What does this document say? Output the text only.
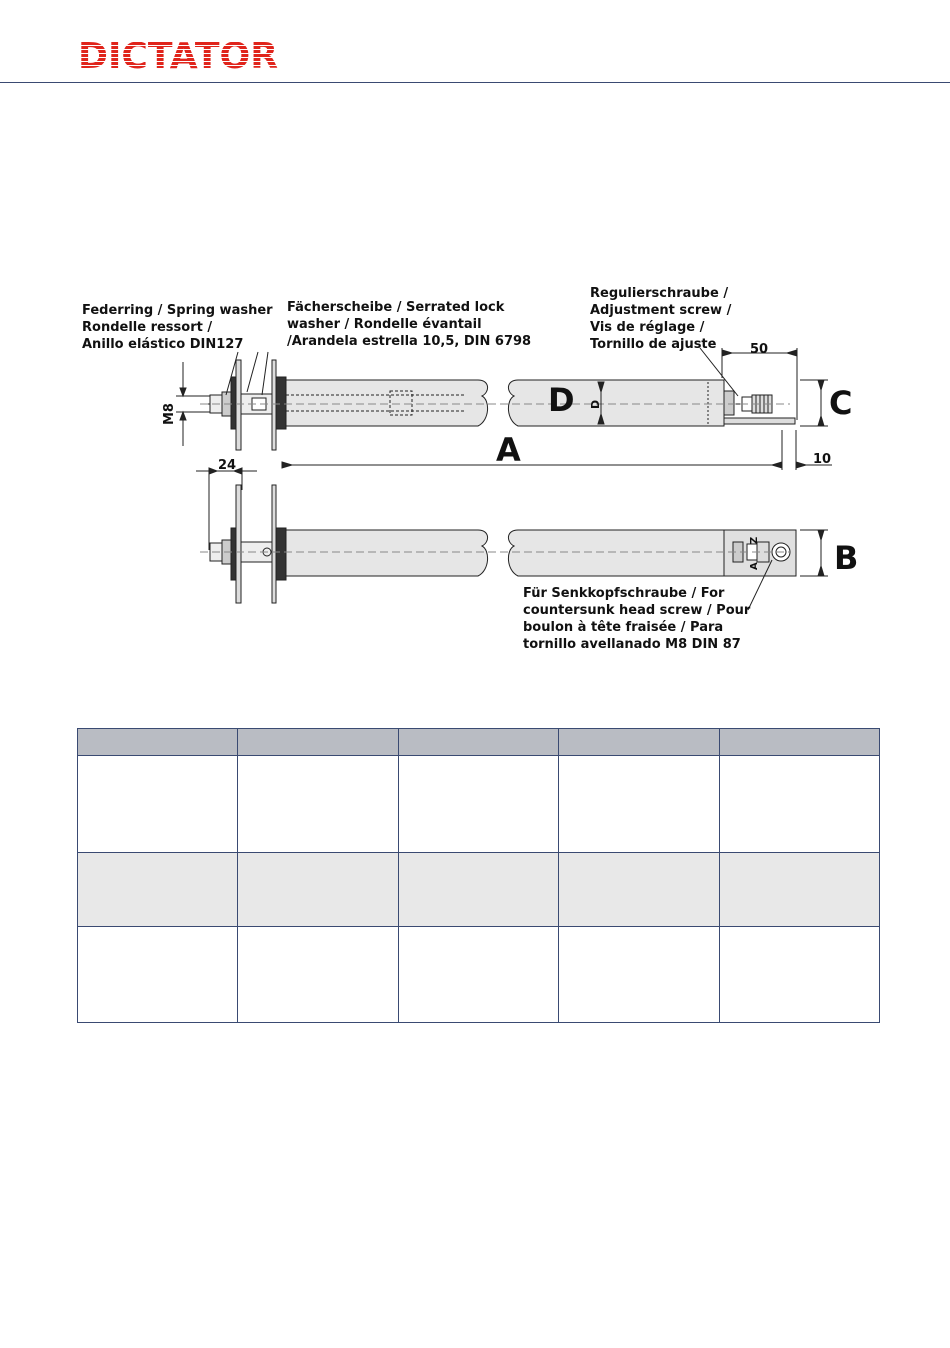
DICTATOR
Federring / Spring washer
Rondelle ressort /
Anillo elástico DIN127
Fächerscheibe / Serrated lock
washer / Rondelle évantail
/Arandela estrella 10,5, DIN 6798
Regulierschraube /
Adjustment screw /
Vis de réglage /
Tornillo de ajuste
Für Senkkopfschraube / For
countersunk head screw / Pour
boulon à tête fraisée / Para
tornillo avellanado M8 DIN 87
M8
24
50
10
D
D
A
C
B
A
Z
